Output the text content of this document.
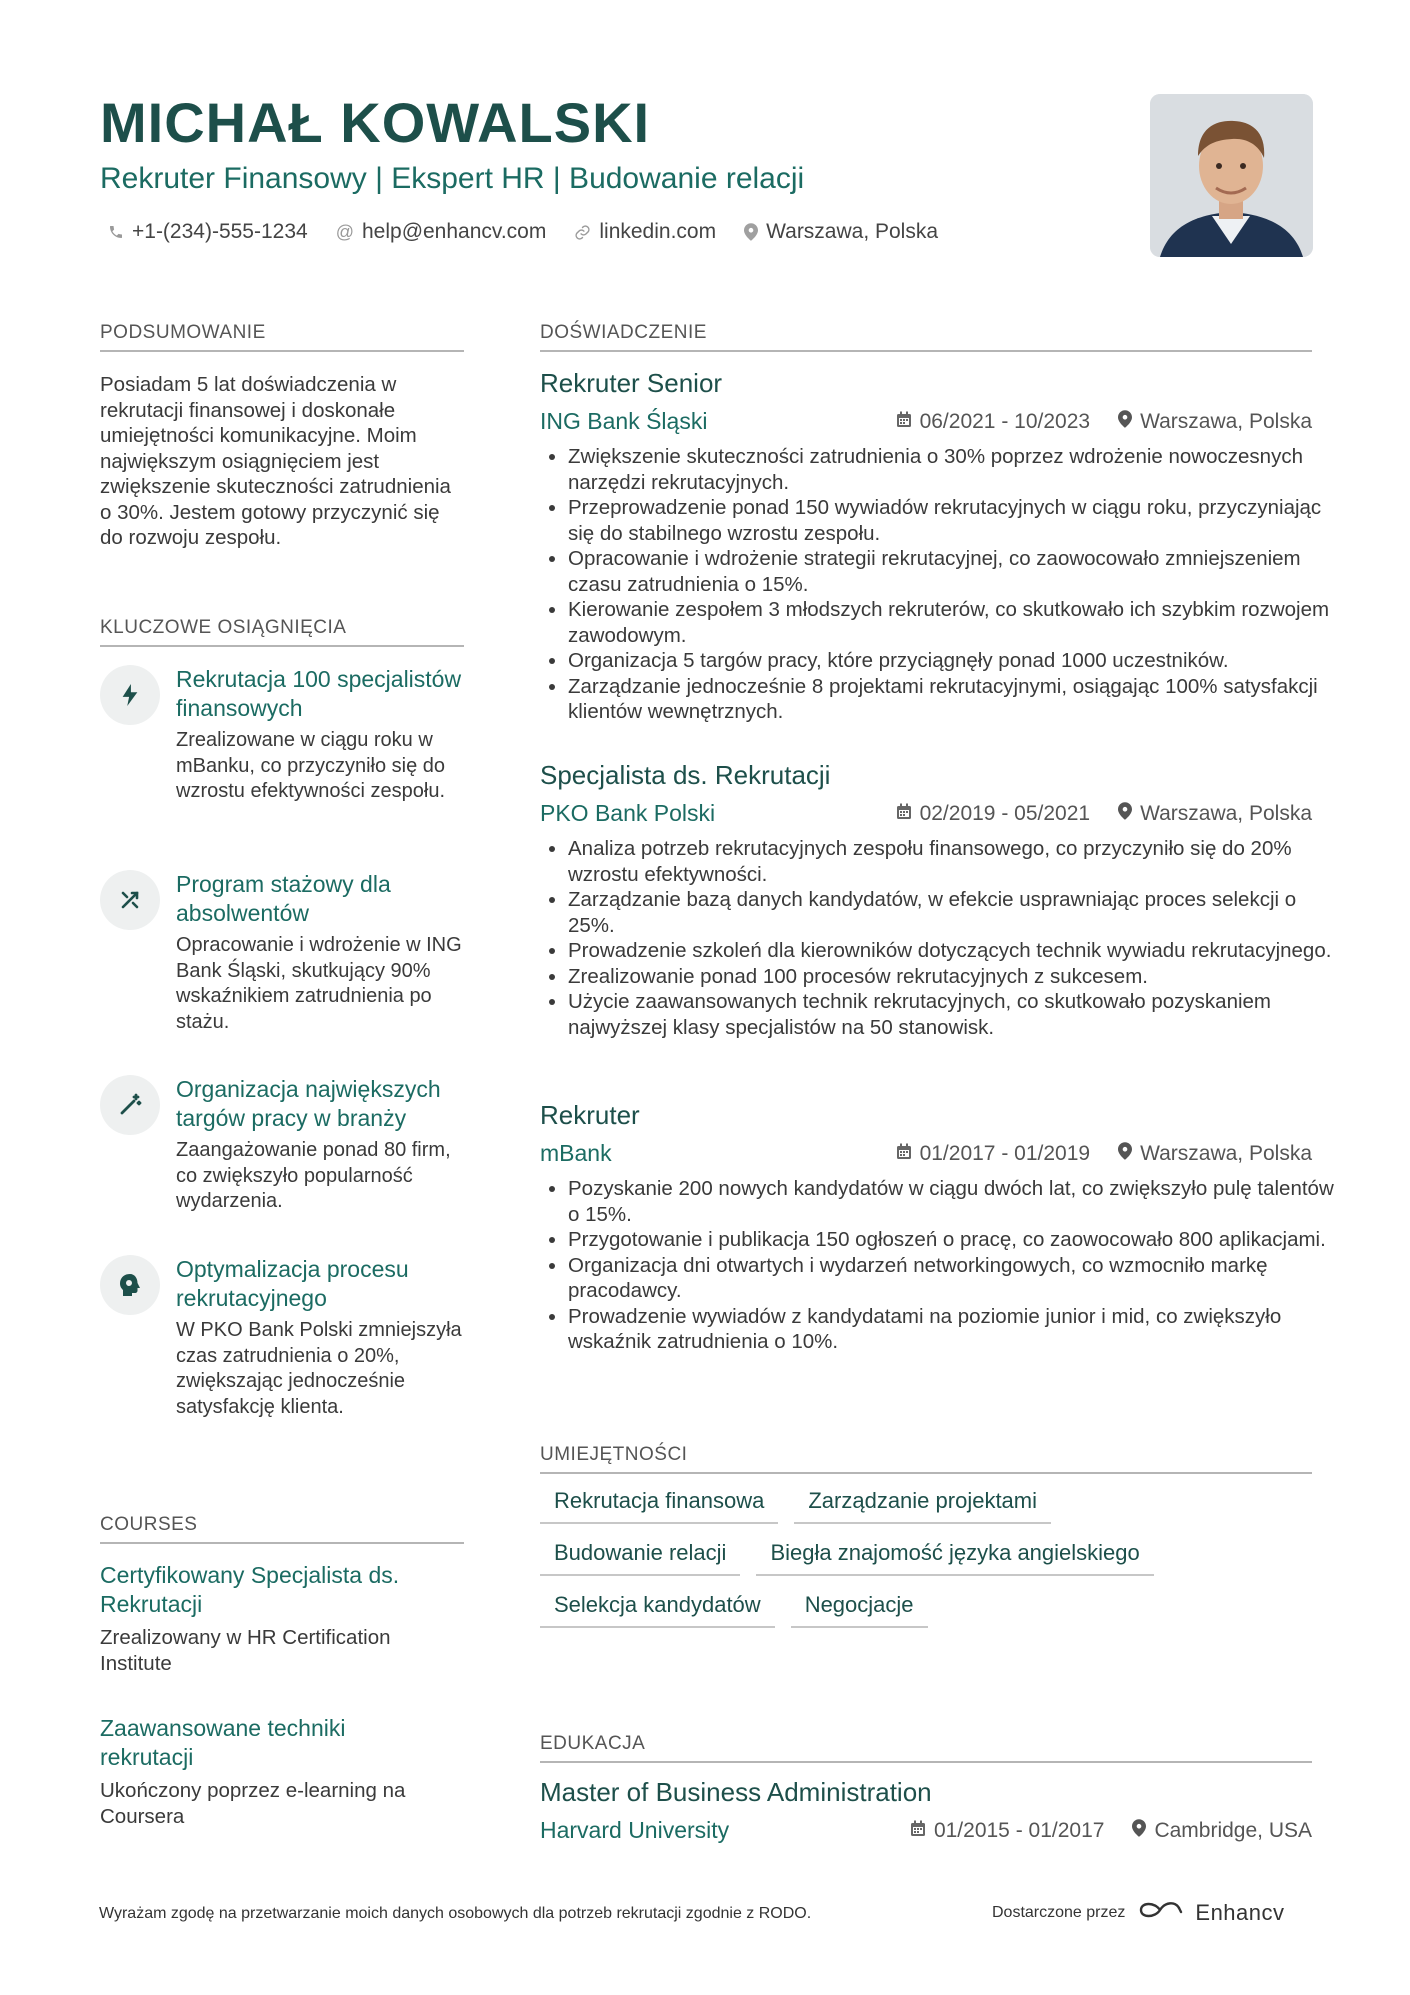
MICHAŁ KOWALSKI
Rekruter Finansowy | Ekspert HR | Budowanie relacji
+1-(234)-555-1234 @ help@enhancv.com	linkedin.com Warszawa, Polska
PODSUMOWANIE
Posiadam 5 lat doświadczenia w rekrutacji finansowej i doskonałe umiejętności komunikacyjne. Moim największym osiągnięciem jest zwiększenie skuteczności zatrudnienia o 30%. Jestem gotowy przyczynić się do rozwoju zespołu.
KLUCZOWE OSIĄGNIĘCIA
Rekrutacja 100 specjalistów finansowych
Zrealizowane w ciągu roku w mBanku, co przyczyniło się do wzrostu efektywności zespołu.
Program stażowy dla absolwentów
Opracowanie i wdrożenie w ING Bank Śląski, skutkujący 90% wskaźnikiem zatrudnienia po stażu.
Organizacja największych targów pracy w branży
Zaangażowanie ponad 80 firm, co zwiększyło popularność wydarzenia.
Optymalizacja procesu rekrutacyjnego
W PKO Bank Polski zmniejszyła czas zatrudnienia o 20%, zwiększając jednocześnie satysfakcję klienta.
COURSES
Certyfikowany Specjalista ds. Rekrutacji
Zrealizowany w HR Certification Institute
Zaawansowane techniki rekrutacji
Ukończony poprzez e-learning na Coursera
DOŚWIADCZENIE
Rekruter Senior
ING Bank Śląski	06/2021 - 10/2023 Warszawa, Polska
• Zwiększenie skuteczności zatrudnienia o 30% poprzez wdrożenie nowoczesnych narzędzi rekrutacyjnych.
• Przeprowadzenie ponad 150 wywiadów rekrutacyjnych w ciągu roku, przyczyniając się do stabilnego wzrostu zespołu.
• Opracowanie i wdrożenie strategii rekrutacyjnej, co zaowocowało zmniejszeniem czasu zatrudnienia o 15%.
• Kierowanie zespołem 3 młodszych rekruterów, co skutkowało ich szybkim rozwojem zawodowym.
• Organizacja 5 targów pracy, które przyciągnęły ponad 1000 uczestników.
• Zarządzanie jednocześnie 8 projektami rekrutacyjnymi, osiągając 100% satysfakcji klientów wewnętrznych.
Specjalista ds. Rekrutacji
PKO Bank Polski	02/2019 - 05/2021 Warszawa, Polska
• Analiza potrzeb rekrutacyjnych zespołu finansowego, co przyczyniło się do 20% wzrostu efektywności.
• Zarządzanie bazą danych kandydatów, w efekcie usprawniając proces selekcji o 25%.
• Prowadzenie szkoleń dla kierowników dotyczących technik wywiadu rekrutacyjnego.
• Zrealizowanie ponad 100 procesów rekrutacyjnych z sukcesem.
• Użycie zaawansowanych technik rekrutacyjnych, co skutkowało pozyskaniem najwyższej klasy specjalistów na 50 stanowisk.
Rekruter
mBank	01/2017 - 01/2019 Warszawa, Polska
• Pozyskanie 200 nowych kandydatów w ciągu dwóch lat, co zwiększyło pulę talentów o 15%.
• Przygotowanie i publikacja 150 ogłoszeń o pracę, co zaowocowało 800 aplikacjami.
• Organizacja dni otwartych i wydarzeń networkingowych, co wzmocniło markę pracodawcy.
• Prowadzenie wywiadów z kandydatami na poziomie junior i mid, co zwiększyło wskaźnik zatrudnienia o 10%.
UMIEJĘTNOŚCI
Rekrutacja finansowa	Zarządzanie projektami
Budowanie relacji	Biegła znajomość języka angielskiego
Selekcja kandydatów	Negocjacje
EDUKACJA
Master of Business Administration
Harvard University	01/2015 - 01/2017 Cambridge, USA
Wyrażam zgodę na przetwarzanie moich danych osobowych dla potrzeb rekrutacji zgodnie z RODO.	Dostarczone przez	Enhancv
